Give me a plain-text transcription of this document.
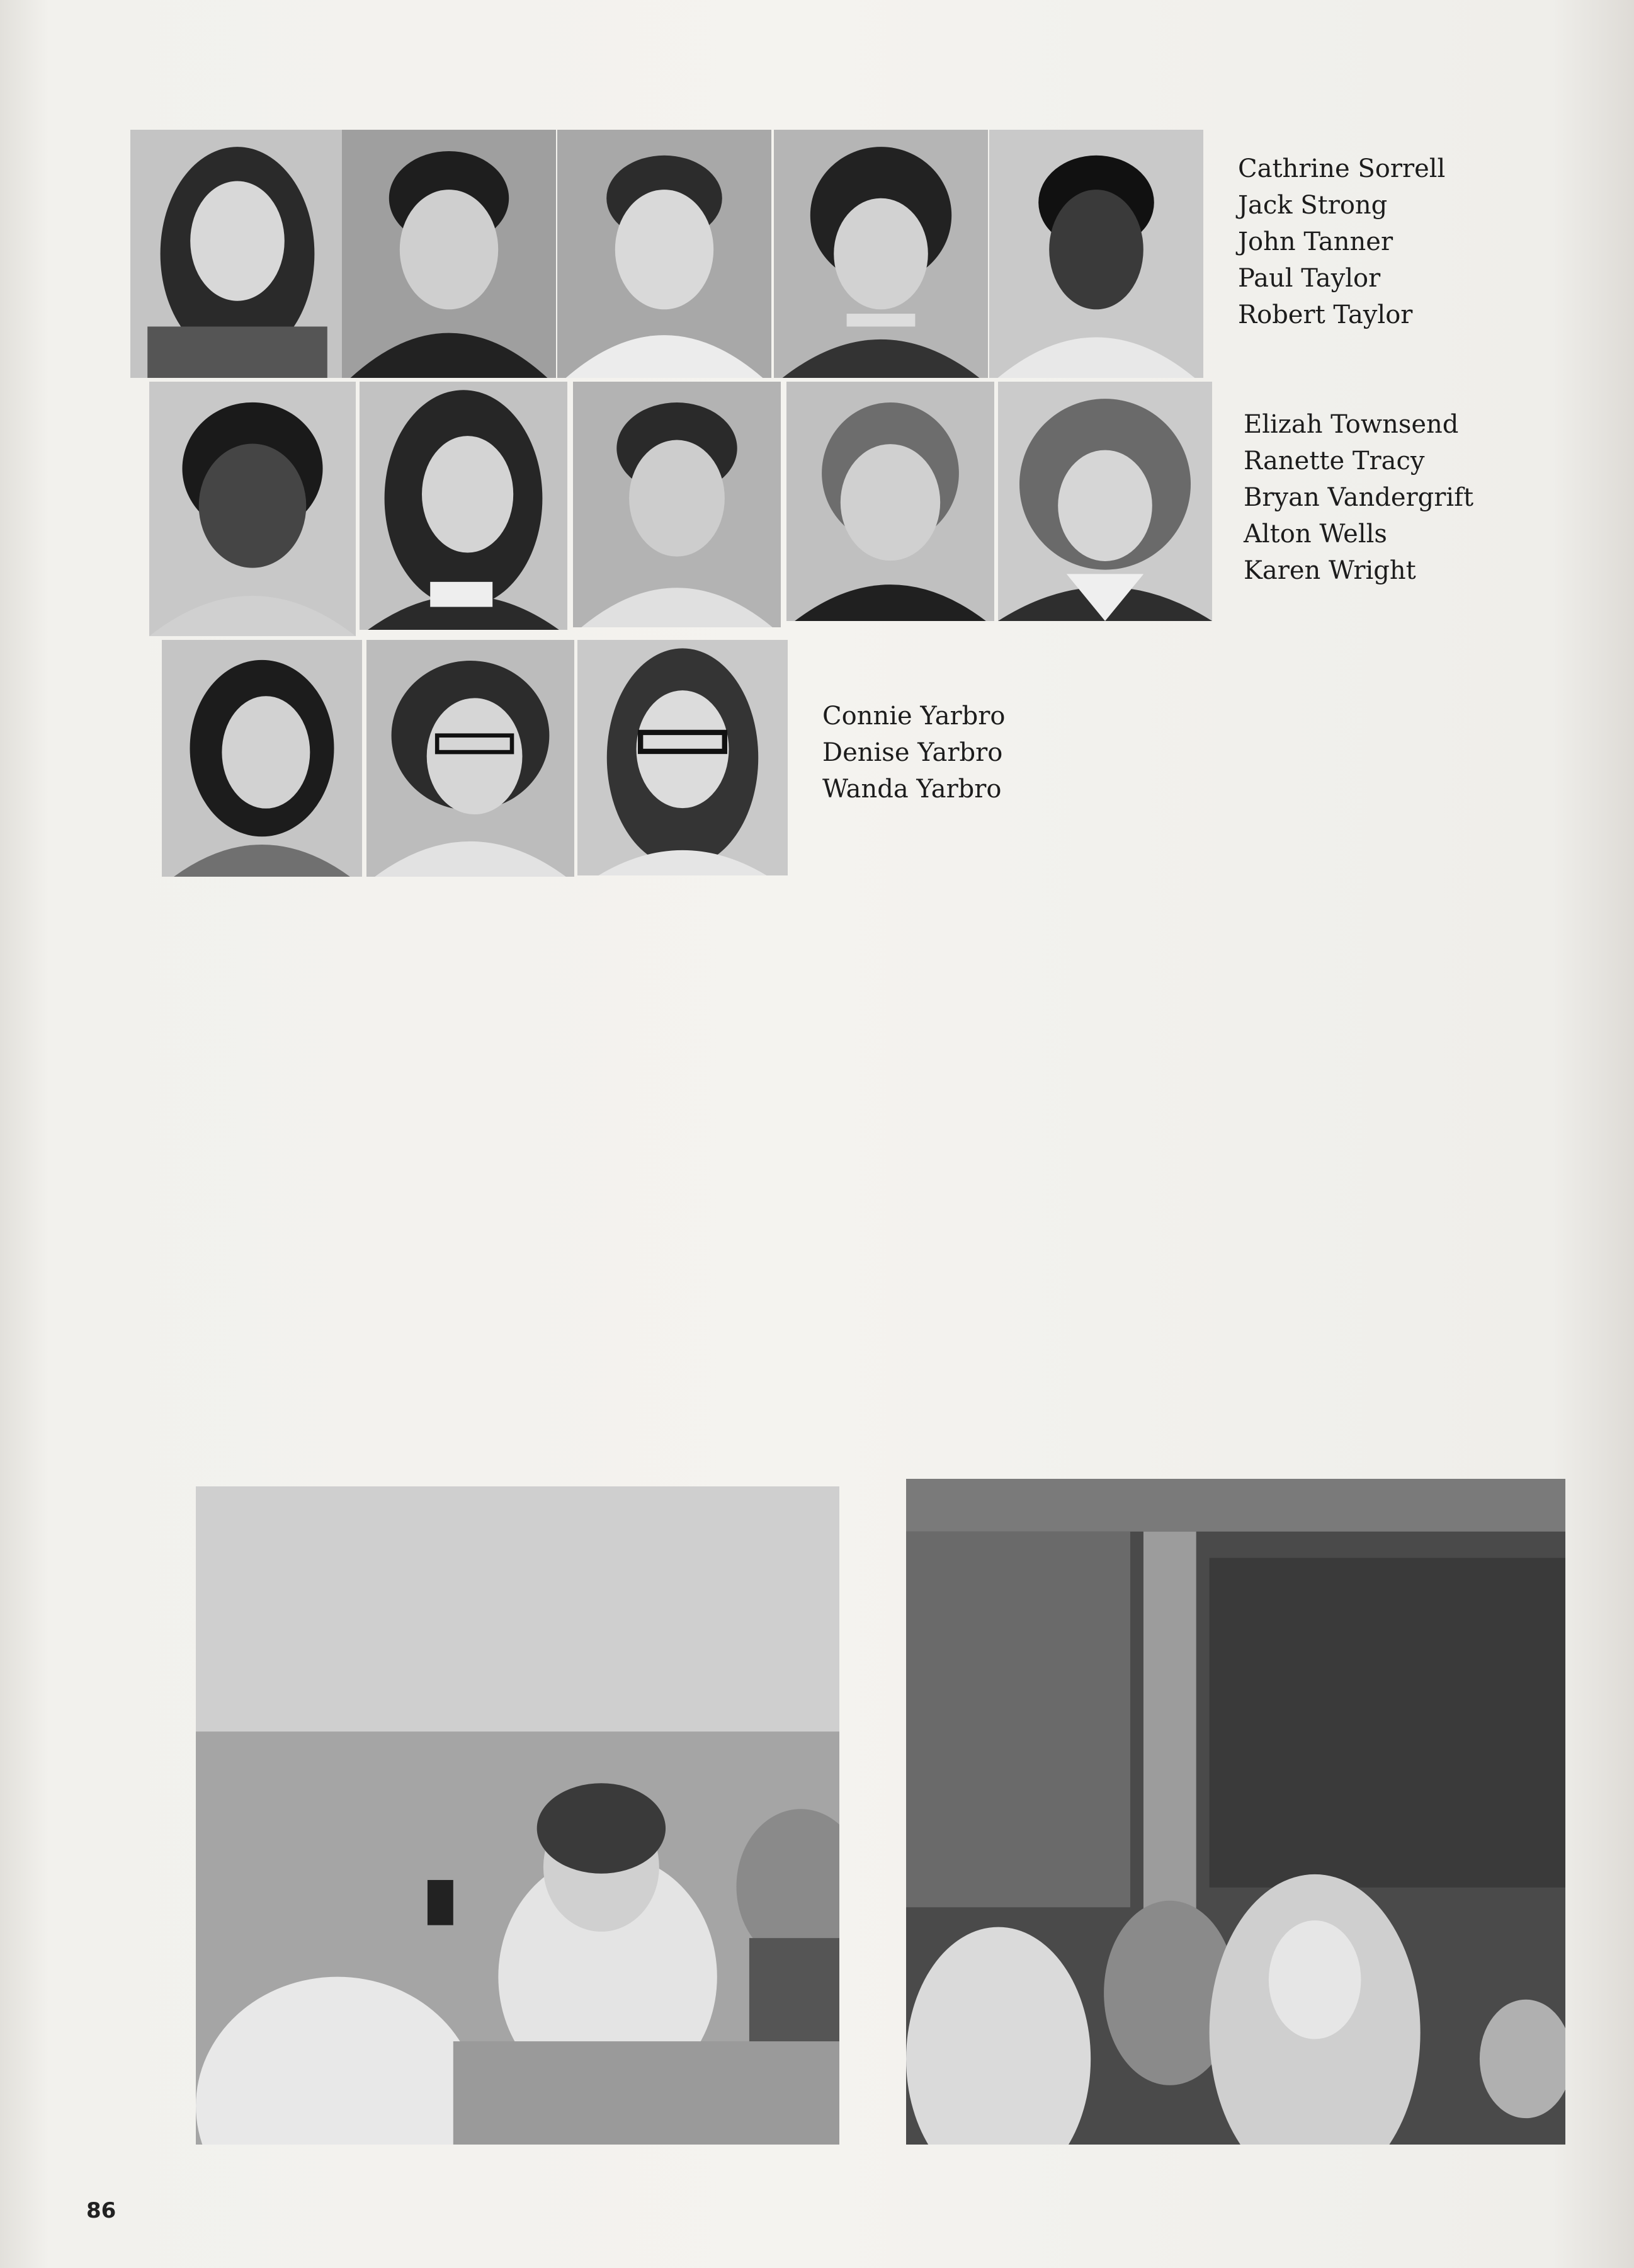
Cathrine Sorrell
Jack Strong
John Tanner
Paul Taylor
Robert Taylor
Elizah Townsend
Ranette Tracy
Bryan Vandergrift
Alton Wells
Karen Wright
Connie Yarbro
Denise Yarbro
Wanda Yarbro
86
